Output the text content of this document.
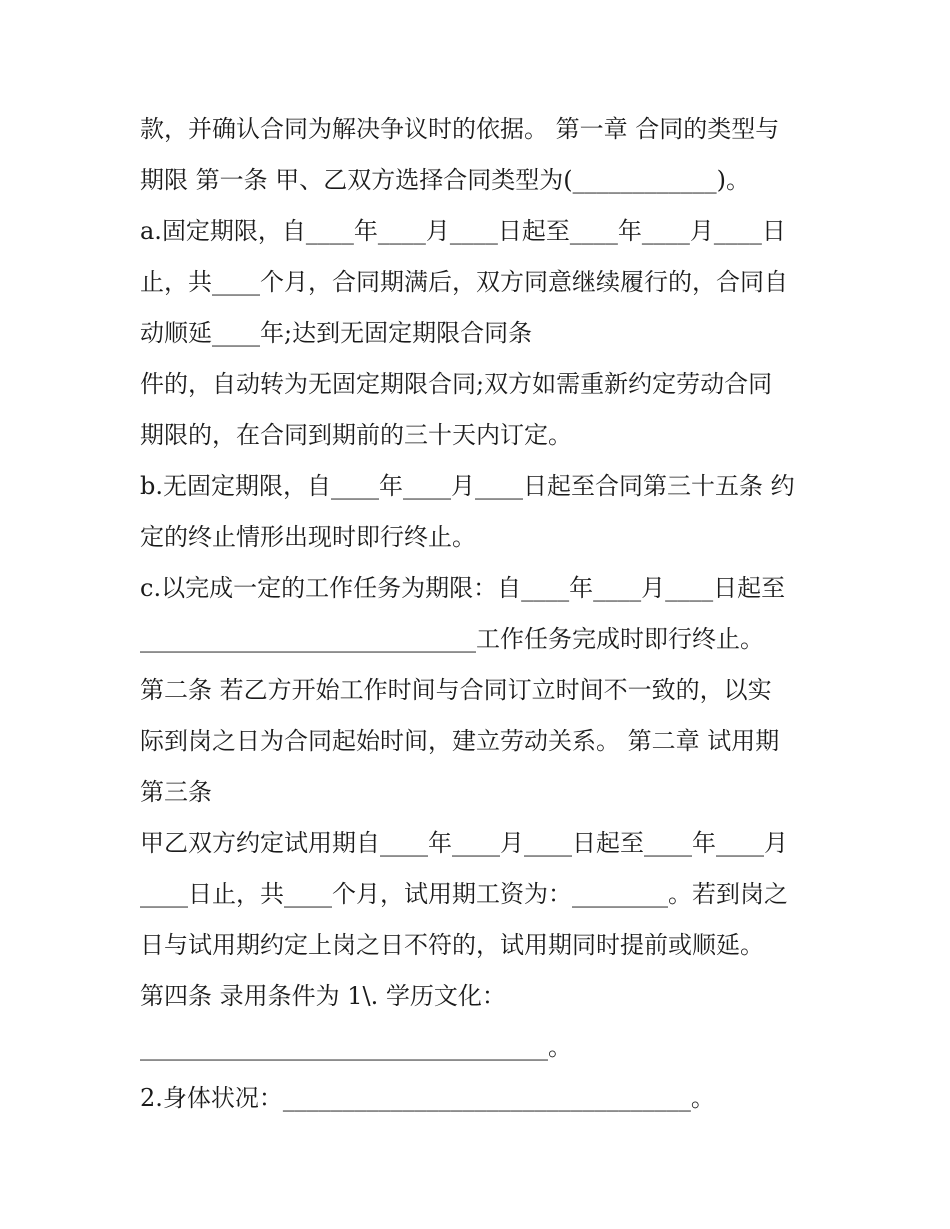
款，并确认合同为解决争议时的依据。 第一章 合同的类型与
期限 第一条 甲、乙双方选择合同类型为(____________)。
a.固定期限，自____年____月____日起至____年____月____日
止，共____个月，合同期满后，双方同意继续履行的，合同自
动顺延____年;达到无固定期限合同条
件的，自动转为无固定期限合同;双方如需重新约定劳动合同
期限的，在合同到期前的三十天内订定。
b.无固定期限，自____年____月____日起至合同第三十五条 约
定的终止情形出现时即行终止。
c.以完成一定的工作任务为期限：自____年____月____日起至
____________________________工作任务完成时即行终止。
第二条 若乙方开始工作时间与合同订立时间不一致的，以实
际到岗之日为合同起始时间，建立劳动关系。 第二章 试用期
第三条
甲乙双方约定试用期自____年____月____日起至____年____月
____日止，共____个月，试用期工资为：________。若到岗之
日与试用期约定上岗之日不符的，试用期同时提前或顺延。
第四条 录用条件为 1\. 学历文化：
__________________________________。
2.身体状况：__________________________________。
